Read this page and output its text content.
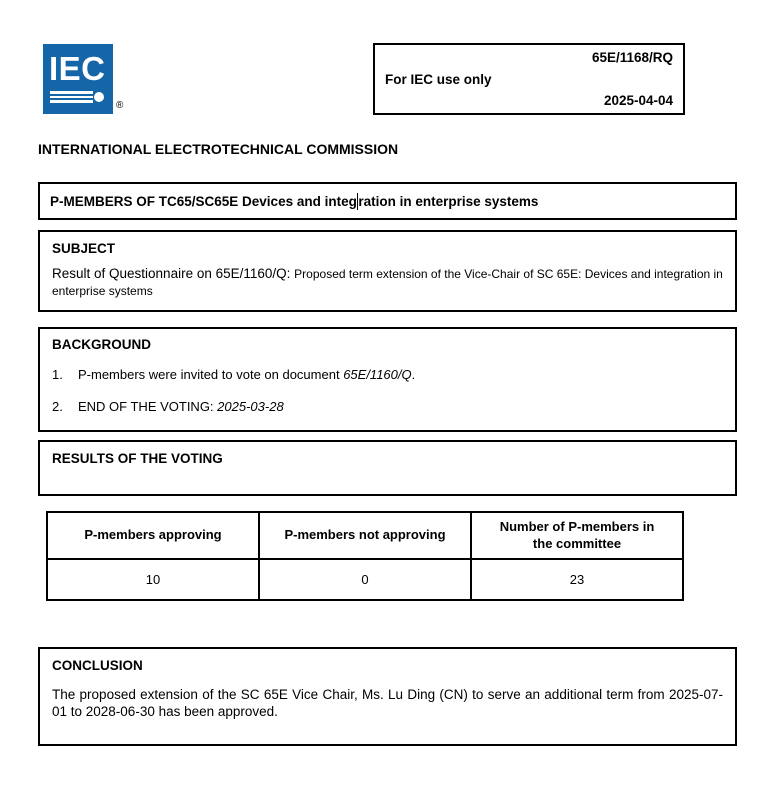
IEC
®
65E/1168/RQ
For IEC use only
2025-04-04
INTERNATIONAL ELECTROTECHNICAL COMMISSION
P-MEMBERS OF TC65/SC65E Devices and integ ration in enterprise systems
SUBJECT
Result of Questionnaire on 65E/1160/Q: Proposed term extension of the Vice-Chair of SC 65E: Devices and integration in enterprise systems
BACKGROUND
1.	P-members were invited to vote on document 65E/1160/Q.
2.	END OF THE VOTING: 2025-03-28
RESULTS OF THE VOTING
P-members approving	P-members not approving	Number of P-members in the committee
10	0	23
CONCLUSION
The proposed extension of the SC 65E Vice Chair, Ms. Lu Ding (CN) to serve an additional term from 2025-07-01 to 2028-06-30 has been approved.
